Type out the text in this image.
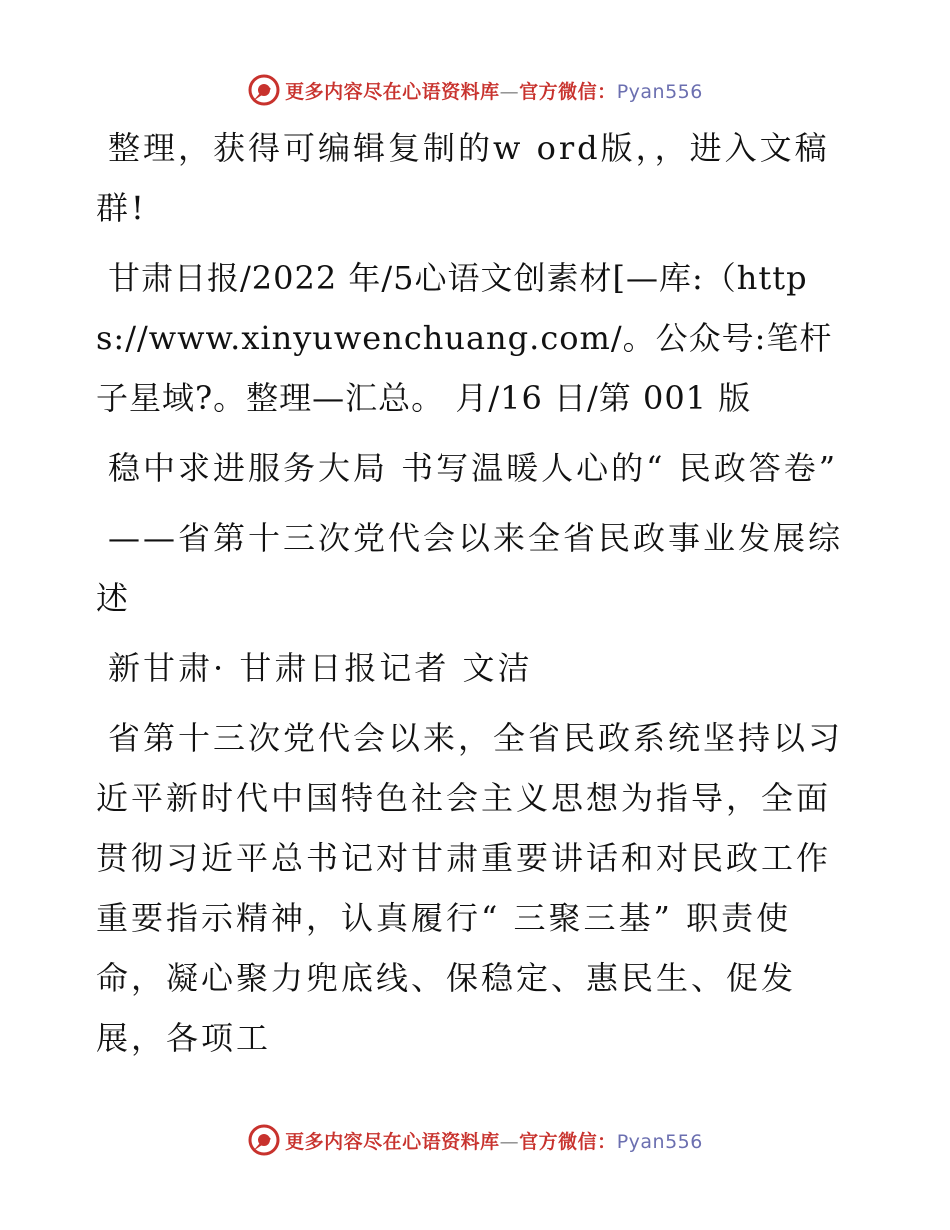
更多内容尽在心语资料库—官方微信：Pyan556

整理，获得可编辑复制的w ord版，，进入文稿群!

甘肃日报/2022 年/5心语文创素材[—库:（https://www.xinyuwenchuang.com/。公众号:笔杆子星域?。整理—汇总。 月/16 日/第 001 版

稳中求进服务大局 书写温暖人心的“ 民政答卷”

——省第十三次党代会以来全省民政事业发展综述

新甘肃· 甘肃日报记者 文洁

省第十三次党代会以来，全省民政系统坚持以习近平新时代中国特色社会主义思想为指导，全面贯彻习近平总书记对甘肃重要讲话和对民政工作重要指示精神，认真履行“ 三聚三基” 职责使命，凝心聚力兜底线、保稳定、惠民生、促发展，各项工

更多内容尽在心语资料库—官方微信：Pyan556
